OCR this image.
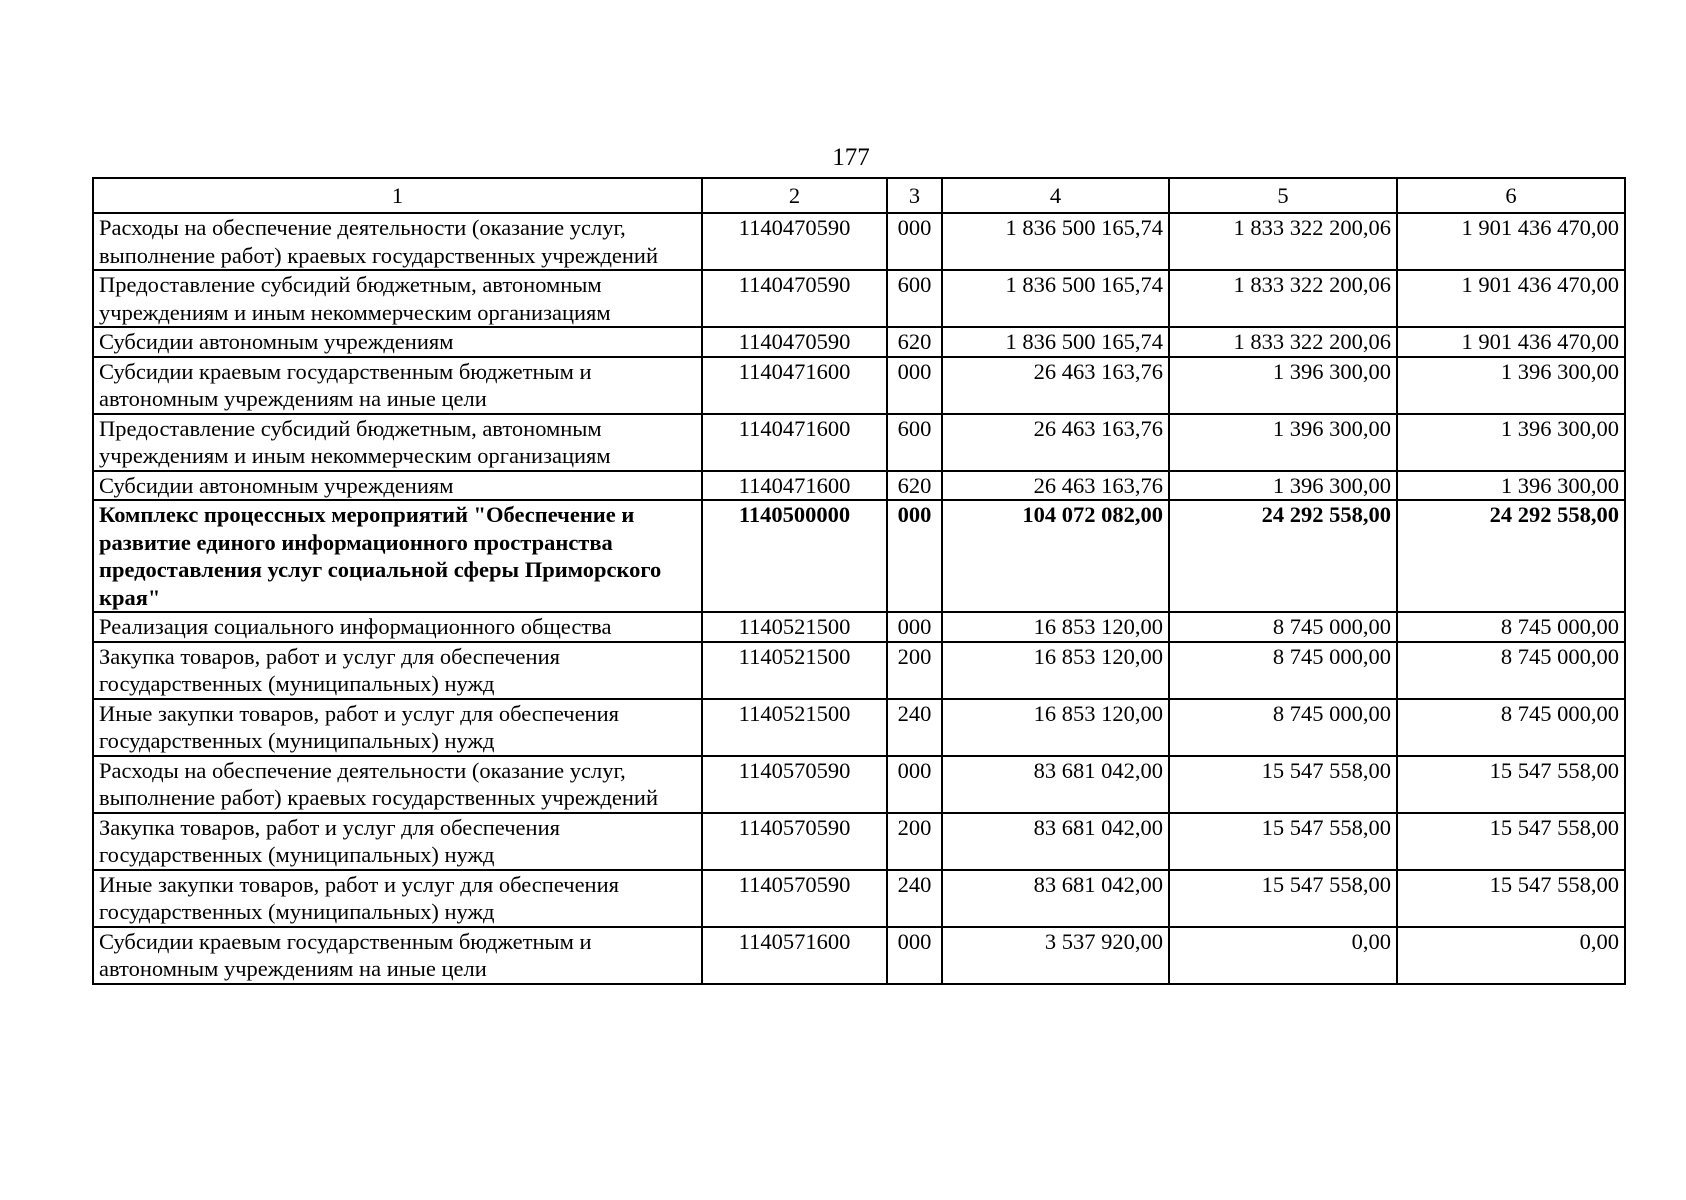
177
1	2	3	4	5	6
Расходы на обеспечение деятельности (оказание услуг, выполнение работ) краевых государственных учреждений	1140470590	000	1 836 500 165,74	1 833 322 200,06	1 901 436 470,00
Предоставление субсидий бюджетным, автономным учреждениям и иным некоммерческим организациям	1140470590	600	1 836 500 165,74	1 833 322 200,06	1 901 436 470,00
Субсидии автономным учреждениям	1140470590	620	1 836 500 165,74	1 833 322 200,06	1 901 436 470,00
Субсидии краевым государственным бюджетным и автономным учреждениям на иные цели	1140471600	000	26 463 163,76	1 396 300,00	1 396 300,00
Предоставление субсидий бюджетным, автономным учреждениям и иным некоммерческим организациям	1140471600	600	26 463 163,76	1 396 300,00	1 396 300,00
Субсидии автономным учреждениям	1140471600	620	26 463 163,76	1 396 300,00	1 396 300,00
Комплекс процессных мероприятий "Обеспечение и развитие единого информационного пространства предоставления услуг социальной сферы Приморского края"	1140500000	000	104 072 082,00	24 292 558,00	24 292 558,00
Реализация социального информационного общества	1140521500	000	16 853 120,00	8 745 000,00	8 745 000,00
Закупка товаров, работ и услуг для обеспечения государственных (муниципальных) нужд	1140521500	200	16 853 120,00	8 745 000,00	8 745 000,00
Иные закупки товаров, работ и услуг для обеспечения государственных (муниципальных) нужд	1140521500	240	16 853 120,00	8 745 000,00	8 745 000,00
Расходы на обеспечение деятельности (оказание услуг, выполнение работ) краевых государственных учреждений	1140570590	000	83 681 042,00	15 547 558,00	15 547 558,00
Закупка товаров, работ и услуг для обеспечения государственных (муниципальных) нужд	1140570590	200	83 681 042,00	15 547 558,00	15 547 558,00
Иные закупки товаров, работ и услуг для обеспечения государственных (муниципальных) нужд	1140570590	240	83 681 042,00	15 547 558,00	15 547 558,00
Субсидии краевым государственным бюджетным и автономным учреждениям на иные цели	1140571600	000	3 537 920,00	0,00	0,00
